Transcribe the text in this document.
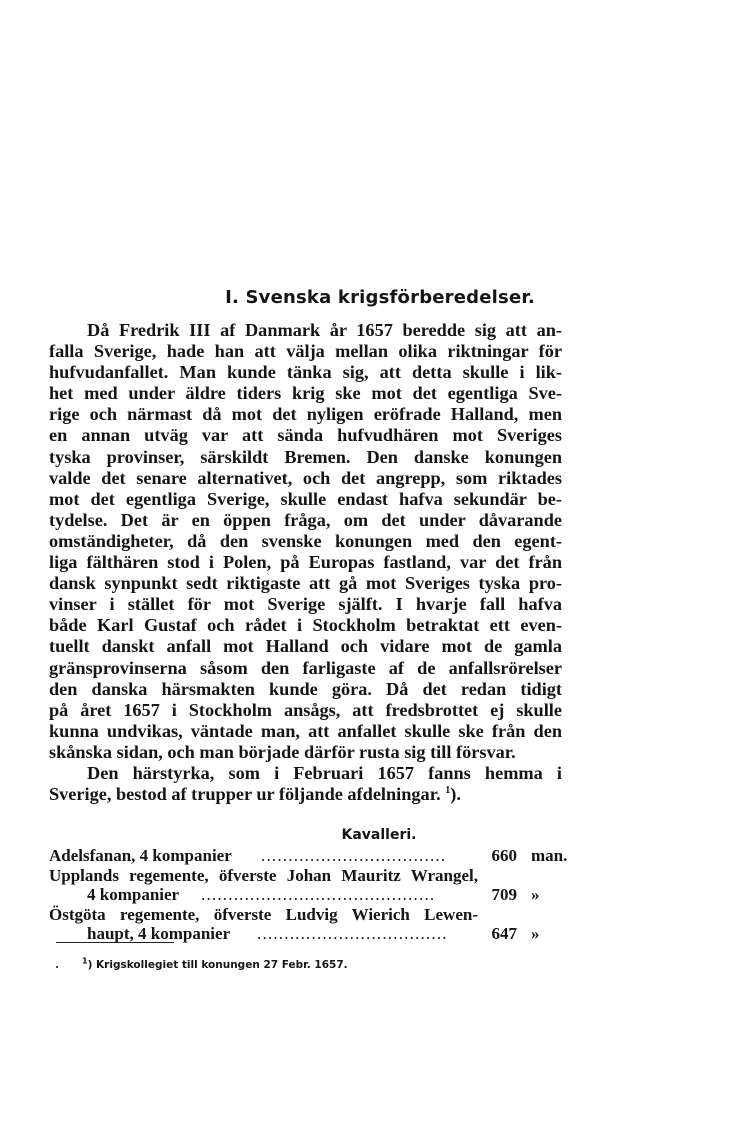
I. Svenska krigsförberedelser.
Då Fredrik III af Danmark år 1657 beredde sig att an-
falla Sverige, hade han att välja mellan olika riktningar för
hufvudanfallet. Man kunde tänka sig, att detta skulle i lik-
het med under äldre tiders krig ske mot det egentliga Sve-
rige och närmast då mot det nyligen eröfrade Halland, men
en annan utväg var att sända hufvudhären mot Sveriges
tyska provinser, särskildt Bremen. Den danske konungen
valde det senare alternativet, och det angrepp, som riktades
mot det egentliga Sverige, skulle endast hafva sekundär be-
tydelse. Det är en öppen fråga, om det under dåvarande
omständigheter, då den svenske konungen med den egent-
liga fälthären stod i Polen, på Europas fastland, var det från
dansk synpunkt sedt riktigaste att gå mot Sveriges tyska pro-
vinser i stället för mot Sverige själft. I hvarje fall hafva
både Karl Gustaf och rådet i Stockholm betraktat ett even-
tuellt danskt anfall mot Halland och vidare mot de gamla
gränsprovinserna såsom den farligaste af de anfallsrörelser
den danska härsmakten kunde göra. Då det redan tidigt
på året 1657 i Stockholm ansågs, att fredsbrottet ej skulle
kunna undvikas, väntade man, att anfallet skulle ske från den
skånska sidan, och man började därför rusta sig till försvar.
Den härstyrka, som i Februari 1657 fanns hemma i
Sverige, bestod af trupper ur följande afdelningar. $^1$).
Kavalleri.
Adelsfanan, 4 kompanier ..................................	660 man.
Upplands regemente, öfverste Johan Mauritz Wrangel,
4 kompanier ...........................................	709 »
Östgöta regemente, öfverste Ludvig Wierich Lewen-
haupt, 4 kompanier ...................................	647 »
$^1$) Krigskollegiet till konungen 27 Febr. 1657.
